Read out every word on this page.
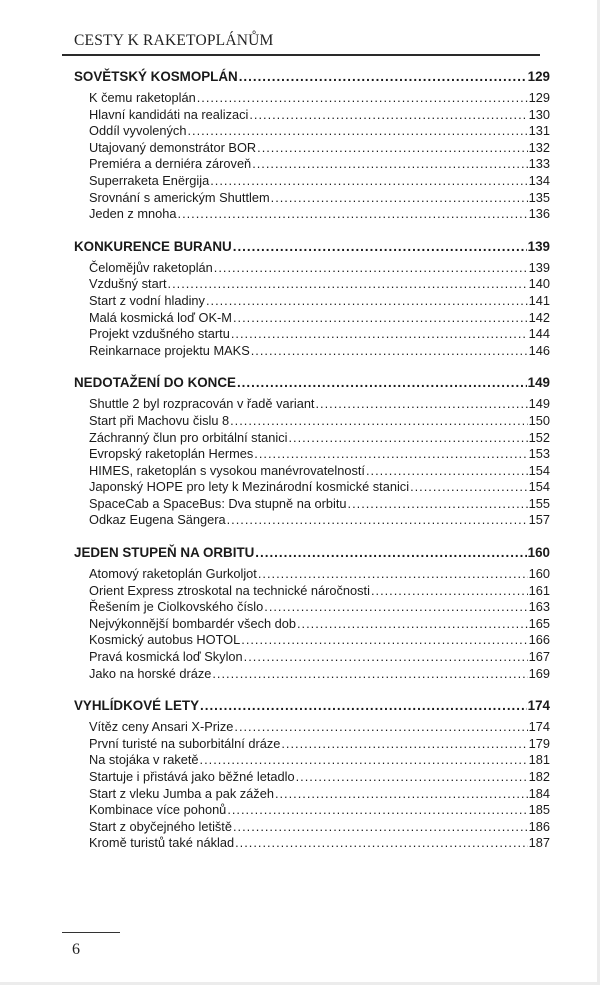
CESTY K RAKETOPLÁNŮM
SOVĚTSKÝ KOSMOPLÁN .....	129
K čemu raketoplán .....	129
Hlavní kandidáti na realizaci .....	130
Oddíl vyvolených .....	131
Utajovaný demonstrátor BOR .....	132
Premiéra a derniéra zároveň .....	133
Superraketa Enërgija .....	134
Srovnání s americkým Shuttlem .....	135
Jeden z mnoha .....	136
KONKURENCE BURANU .....	139
Čelomějův raketoplán .....	139
Vzdušný start .....	140
Start z vodní hladiny .....	141
Malá kosmická loď OK-M .....	142
Projekt vzdušného startu .....	144
Reinkarnace projektu MAKS .....	146
NEDOTAŽENÍ DO KONCE .....	149
Shuttle 2 byl rozpracován v řadě variant .....	149
Start při Machovu čislu 8 .....	150
Záchranný člun pro orbitální stanici .....	152
Evropský raketoplán Hermes .....	153
HIMES, raketoplán s vysokou manévrovatelností .....	154
Japonský HOPE pro lety k Mezinárodní kosmické stanici .....	154
SpaceCab a SpaceBus: Dva stupně na orbitu .....	155
Odkaz Eugena Sängera .....	157
JEDEN STUPEŇ NA ORBITU .....	160
Atomový raketoplán Gurkoljot .....	160
Orient Express ztroskotal na technické náročnosti .....	161
Řešením je Ciolkovského číslo .....	163
Nejvýkonnější bombardér všech dob .....	165
Kosmický autobus HOTOL .....	166
Pravá kosmická loď Skylon .....	167
Jako na horské dráze .....	169
VYHLÍDKOVÉ LETY .....	174
Vítěz ceny Ansari X-Prize .....	174
První turisté na suborbitální dráze .....	179
Na stojáka v raketě .....	181
Startuje i přistává jako běžné letadlo .....	182
Start z vleku Jumba a pak zážeh .....	184
Kombinace více pohonů .....	185
Start z obyčejného letiště .....	186
Kromě turistů také náklad .....	187
6
